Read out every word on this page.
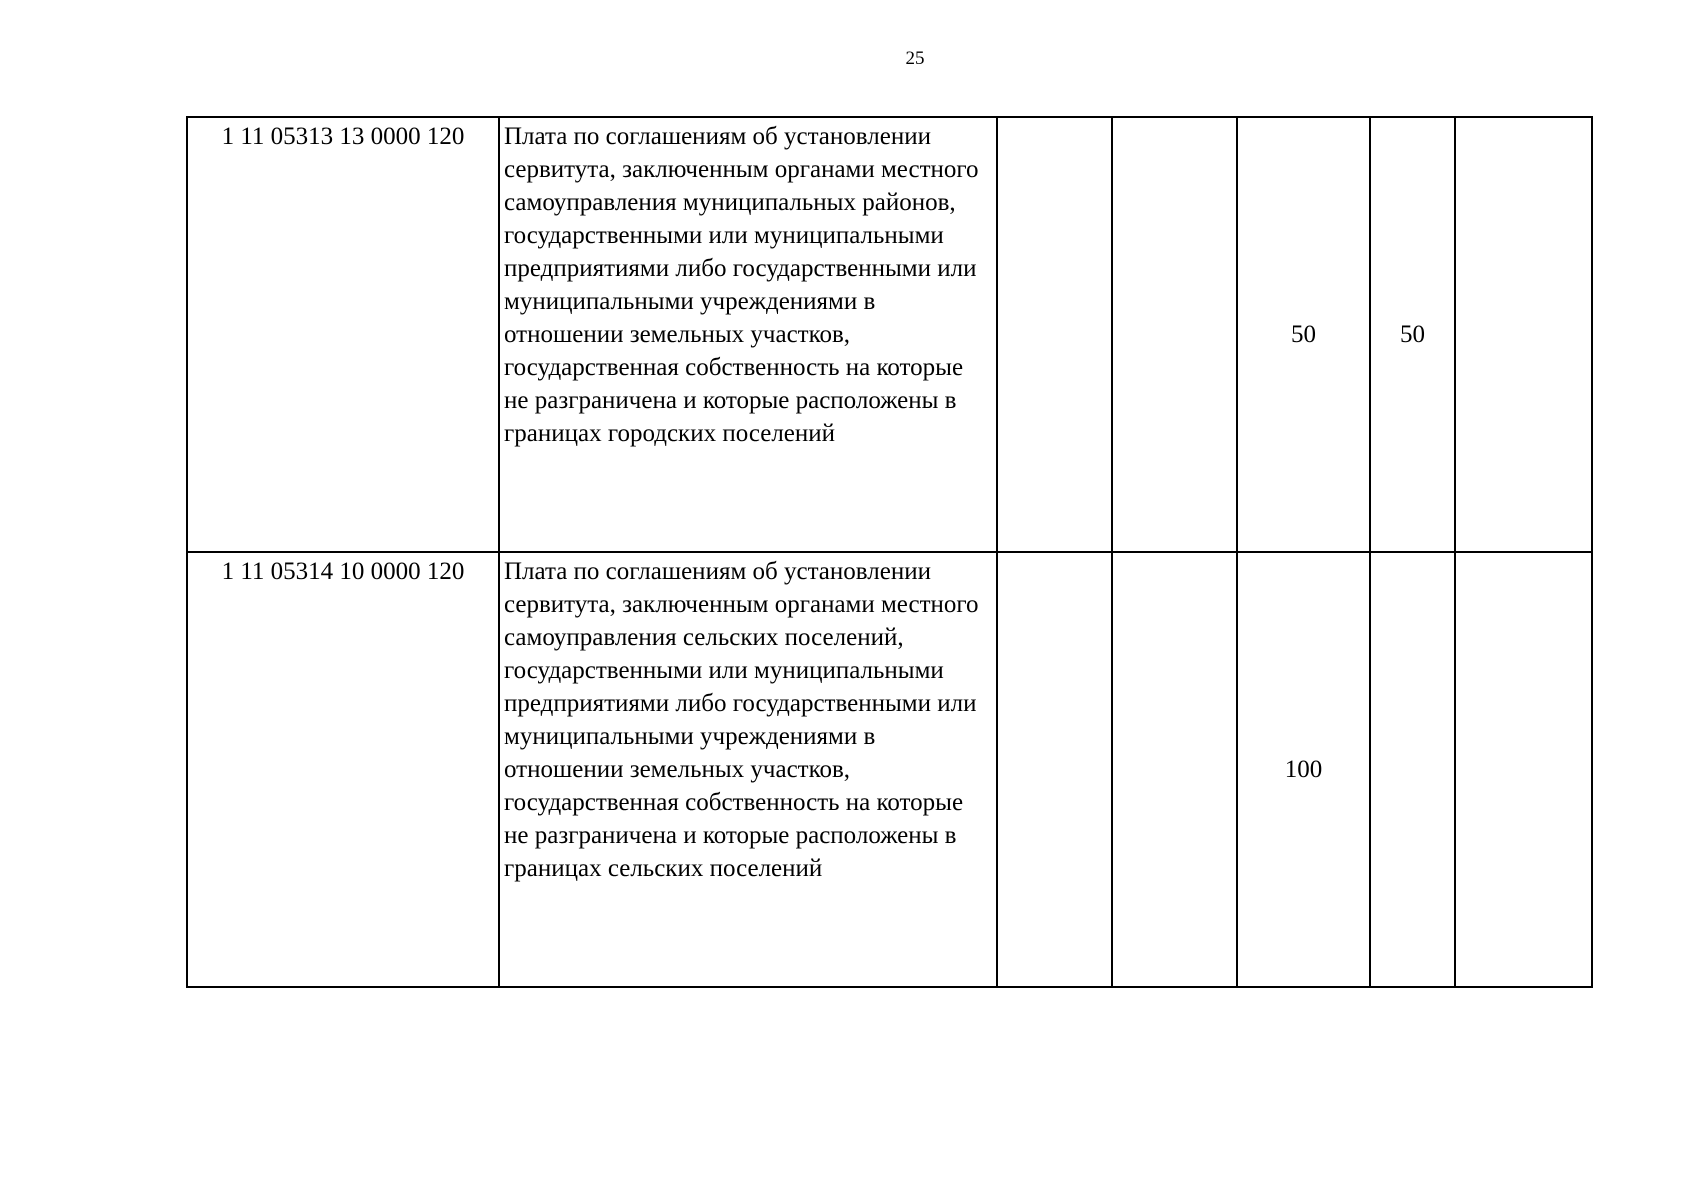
25
1 11 05313 13 0000 120	Плата по соглашениям об установлении сервитута, заключенным органами местного самоуправления муниципальных районов, государственными или муниципальными предприятиями либо государственными или муниципальными учреждениями в отношении земельных участков, государственная собственность на которые не разграничена и которые расположены в границах городских поселений			50	50	
1 11 05314 10 0000 120	Плата по соглашениям об установлении сервитута, заключенным органами местного самоуправления сельских поселений, государственными или муниципальными предприятиями либо государственными или муниципальными учреждениями в отношении земельных участков, государственная собственность на которые не разграничена и которые расположены в границах сельских поселений			100		
